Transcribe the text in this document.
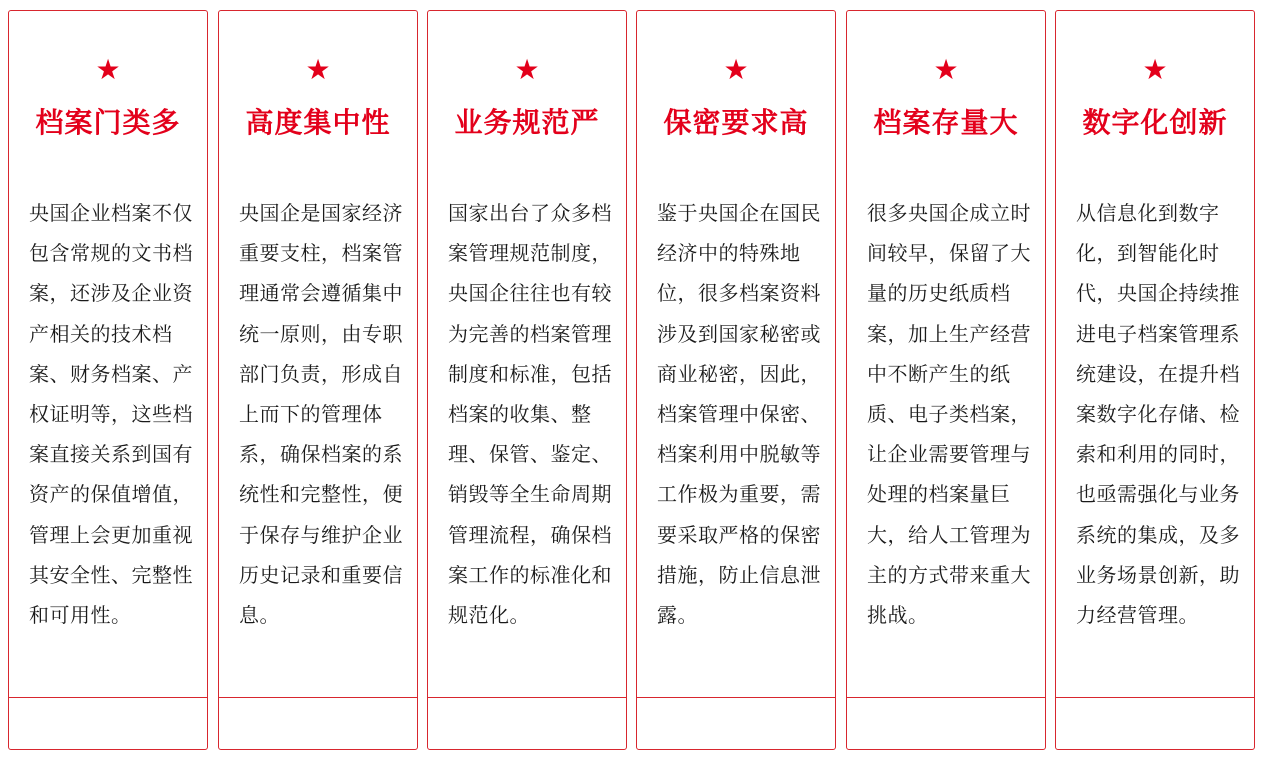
★
档案门类多
央国企业档案不仅包含常规的文书档案，还涉及企业资产相关的技术档案、财务档案、产权证明等，这些档案直接关系到国有资产的保值增值，管理上会更加重视其安全性、完整性和可用性。
★
高度集中性
央国企是国家经济重要支柱，档案管理通常会遵循集中统一原则，由专职部门负责，形成自上而下的管理体系，确保档案的系统性和完整性，便于保存与维护企业历史记录和重要信息。
★
业务规范严
国家出台了众多档案管理规范制度，央国企往往也有较为完善的档案管理制度和标准，包括档案的收集、整理、保管、鉴定、销毁等全生命周期管理流程，确保档案工作的标准化和规范化。
★
保密要求高
鉴于央国企在国民经济中的特殊地位，很多档案资料涉及到国家秘密或商业秘密，因此，档案管理中保密、档案利用中脱敏等工作极为重要，需要采取严格的保密措施，防止信息泄露。
★
档案存量大
很多央国企成立时间较早，保留了大量的历史纸质档案，加上生产经营中不断产生的纸质、电子类档案，让企业需要管理与处理的档案量巨大，给人工管理为主的方式带来重大挑战。
★
数字化创新
从信息化到数字化，到智能化时代，央国企持续推进电子档案管理系统建设，在提升档案数字化存储、检索和利用的同时，也亟需强化与业务系统的集成，及多业务场景创新，助力经营管理。
